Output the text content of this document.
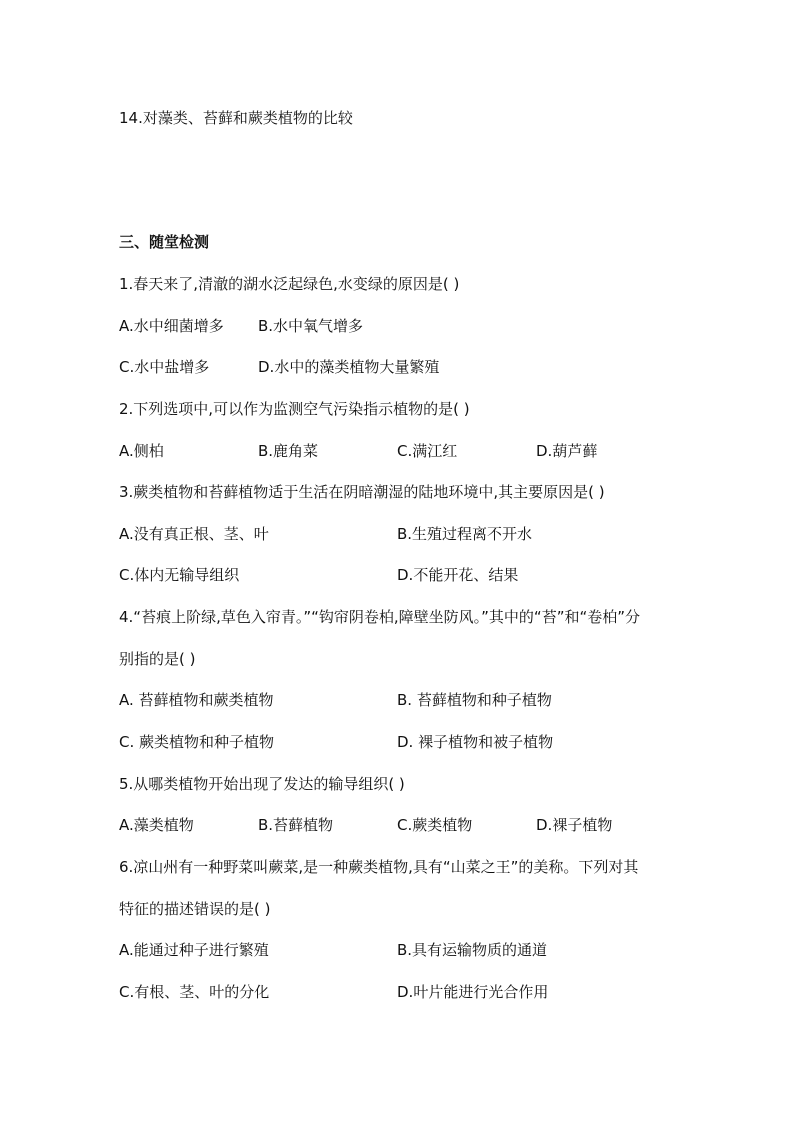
14.对藻类、苔藓和蕨类植物的比较
三、随堂检测
1.春天来了,清澈的湖水泛起绿色,水变绿的原因是( )
A.水中细菌增多 B.水中氧气增多
C.水中盐增多	D.水中的藻类植物大量繁殖
2.下列选项中,可以作为监测空气污染指示植物的是( )
A.侧柏	B.鹿角菜	C.满江红	D.葫芦藓
3.蕨类植物和苔藓植物适于生活在阴暗潮湿的陆地环境中,其主要原因是( )
A.没有真正根、茎、叶	B.生殖过程离不开水
C.体内无输导组织	D.不能开花、结果
4.“苔痕上阶绿,草色入帘青。”“钩帘阴卷柏,障壁坐防风。”其中的“苔”和“卷柏”分
别指的是( )
A. 苔藓植物和蕨类植物	B. 苔藓植物和种子植物
C. 蕨类植物和种子植物	D. 裸子植物和被子植物
5.从哪类植物开始出现了发达的输导组织( )
A.藻类植物	B.苔藓植物	C.蕨类植物	D.裸子植物
6.凉山州有一种野菜叫蕨菜,是一种蕨类植物,具有“山菜之王”的美称。下列对其
特征的描述错误的是( )
A.能通过种子进行繁殖	B.具有运输物质的通道
C.有根、茎、叶的分化	D.叶片能进行光合作用
